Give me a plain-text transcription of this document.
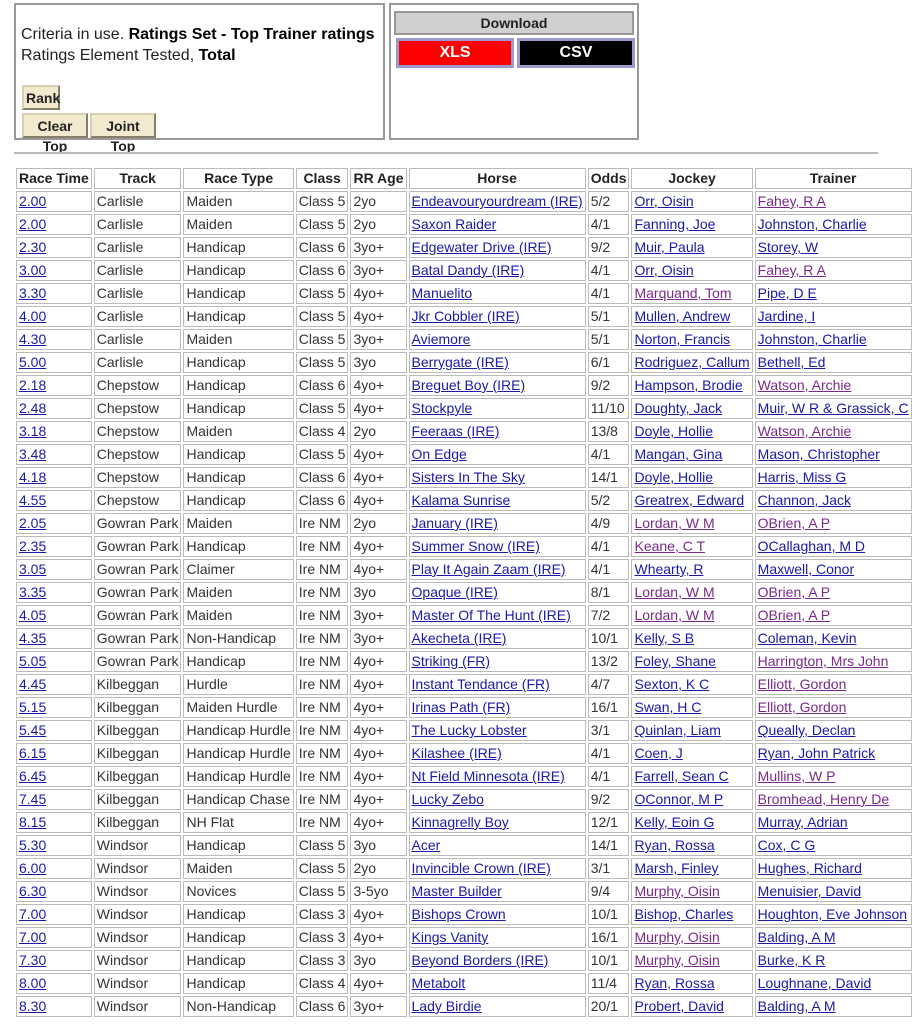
Criteria in use. Ratings Set - Top Trainer ratings
Ratings Element Tested, Total
Rank
Clear Top
Joint Top
Download
XLS	CSV
Race Time	Track	Race Type	Class	RR Age	Horse	Odds	Jockey	Trainer
2.00	Carlisle	Maiden	Class 5	2yo	Endeavouryourdream (IRE)	5/2	Orr, Oisin	Fahey, R A
2.00	Carlisle	Maiden	Class 5	2yo	Saxon Raider	4/1	Fanning, Joe	Johnston, Charlie
2.30	Carlisle	Handicap	Class 6	3yo+	Edgewater Drive (IRE)	9/2	Muir, Paula	Storey, W
3.00	Carlisle	Handicap	Class 6	3yo+	Batal Dandy (IRE)	4/1	Orr, Oisin	Fahey, R A
3.30	Carlisle	Handicap	Class 5	4yo+	Manuelito	4/1	Marquand, Tom	Pipe, D E
4.00	Carlisle	Handicap	Class 5	4yo+	Jkr Cobbler (IRE)	5/1	Mullen, Andrew	Jardine, I
4.30	Carlisle	Maiden	Class 5	3yo+	Aviemore	5/1	Norton, Francis	Johnston, Charlie
5.00	Carlisle	Handicap	Class 5	3yo	Berrygate (IRE)	6/1	Rodriguez, Callum	Bethell, Ed
2.18	Chepstow	Handicap	Class 6	4yo+	Breguet Boy (IRE)	9/2	Hampson, Brodie	Watson, Archie
2.48	Chepstow	Handicap	Class 5	4yo+	Stockpyle	11/10	Doughty, Jack	Muir, W R & Grassick, C
3.18	Chepstow	Maiden	Class 4	2yo	Feeraas (IRE)	13/8	Doyle, Hollie	Watson, Archie
3.48	Chepstow	Handicap	Class 5	4yo+	On Edge	4/1	Mangan, Gina	Mason, Christopher
4.18	Chepstow	Handicap	Class 6	4yo+	Sisters In The Sky	14/1	Doyle, Hollie	Harris, Miss G
4.55	Chepstow	Handicap	Class 6	4yo+	Kalama Sunrise	5/2	Greatrex, Edward	Channon, Jack
2.05	Gowran Park	Maiden	Ire NM	2yo	January (IRE)	4/9	Lordan, W M	OBrien, A P
2.35	Gowran Park	Handicap	Ire NM	4yo+	Summer Snow (IRE)	4/1	Keane, C T	OCallaghan, M D
3.05	Gowran Park	Claimer	Ire NM	4yo+	Play It Again Zaam (IRE)	4/1	Whearty, R	Maxwell, Conor
3.35	Gowran Park	Maiden	Ire NM	3yo	Opaque (IRE)	8/1	Lordan, W M	OBrien, A P
4.05	Gowran Park	Maiden	Ire NM	3yo+	Master Of The Hunt (IRE)	7/2	Lordan, W M	OBrien, A P
4.35	Gowran Park	Non-Handicap	Ire NM	3yo+	Akecheta (IRE)	10/1	Kelly, S B	Coleman, Kevin
5.05	Gowran Park	Handicap	Ire NM	4yo+	Striking (FR)	13/2	Foley, Shane	Harrington, Mrs John
4.45	Kilbeggan	Hurdle	Ire NM	4yo+	Instant Tendance (FR)	4/7	Sexton, K C	Elliott, Gordon
5.15	Kilbeggan	Maiden Hurdle	Ire NM	4yo+	Irinas Path (FR)	16/1	Swan, H C	Elliott, Gordon
5.45	Kilbeggan	Handicap Hurdle	Ire NM	4yo+	The Lucky Lobster	3/1	Quinlan, Liam	Queally, Declan
6.15	Kilbeggan	Handicap Hurdle	Ire NM	4yo+	Kilashee (IRE)	4/1	Coen, J	Ryan, John Patrick
6.45	Kilbeggan	Handicap Hurdle	Ire NM	4yo+	Nt Field Minnesota (IRE)	4/1	Farrell, Sean C	Mullins, W P
7.45	Kilbeggan	Handicap Chase	Ire NM	4yo+	Lucky Zebo	9/2	OConnor, M P	Bromhead, Henry De
8.15	Kilbeggan	NH Flat	Ire NM	4yo+	Kinnagrelly Boy	12/1	Kelly, Eoin G	Murray, Adrian
5.30	Windsor	Handicap	Class 5	3yo	Acer	14/1	Ryan, Rossa	Cox, C G
6.00	Windsor	Maiden	Class 5	2yo	Invincible Crown (IRE)	3/1	Marsh, Finley	Hughes, Richard
6.30	Windsor	Novices	Class 5	3-5yo	Master Builder	9/4	Murphy, Oisin	Menuisier, David
7.00	Windsor	Handicap	Class 3	4yo+	Bishops Crown	10/1	Bishop, Charles	Houghton, Eve Johnson
7.00	Windsor	Handicap	Class 3	4yo+	Kings Vanity	16/1	Murphy, Oisin	Balding, A M
7.30	Windsor	Handicap	Class 3	3yo	Beyond Borders (IRE)	10/1	Murphy, Oisin	Burke, K R
8.00	Windsor	Handicap	Class 4	4yo+	Metabolt	11/4	Ryan, Rossa	Loughnane, David
8.30	Windsor	Non-Handicap	Class 6	3yo+	Lady Birdie	20/1	Probert, David	Balding, A M
